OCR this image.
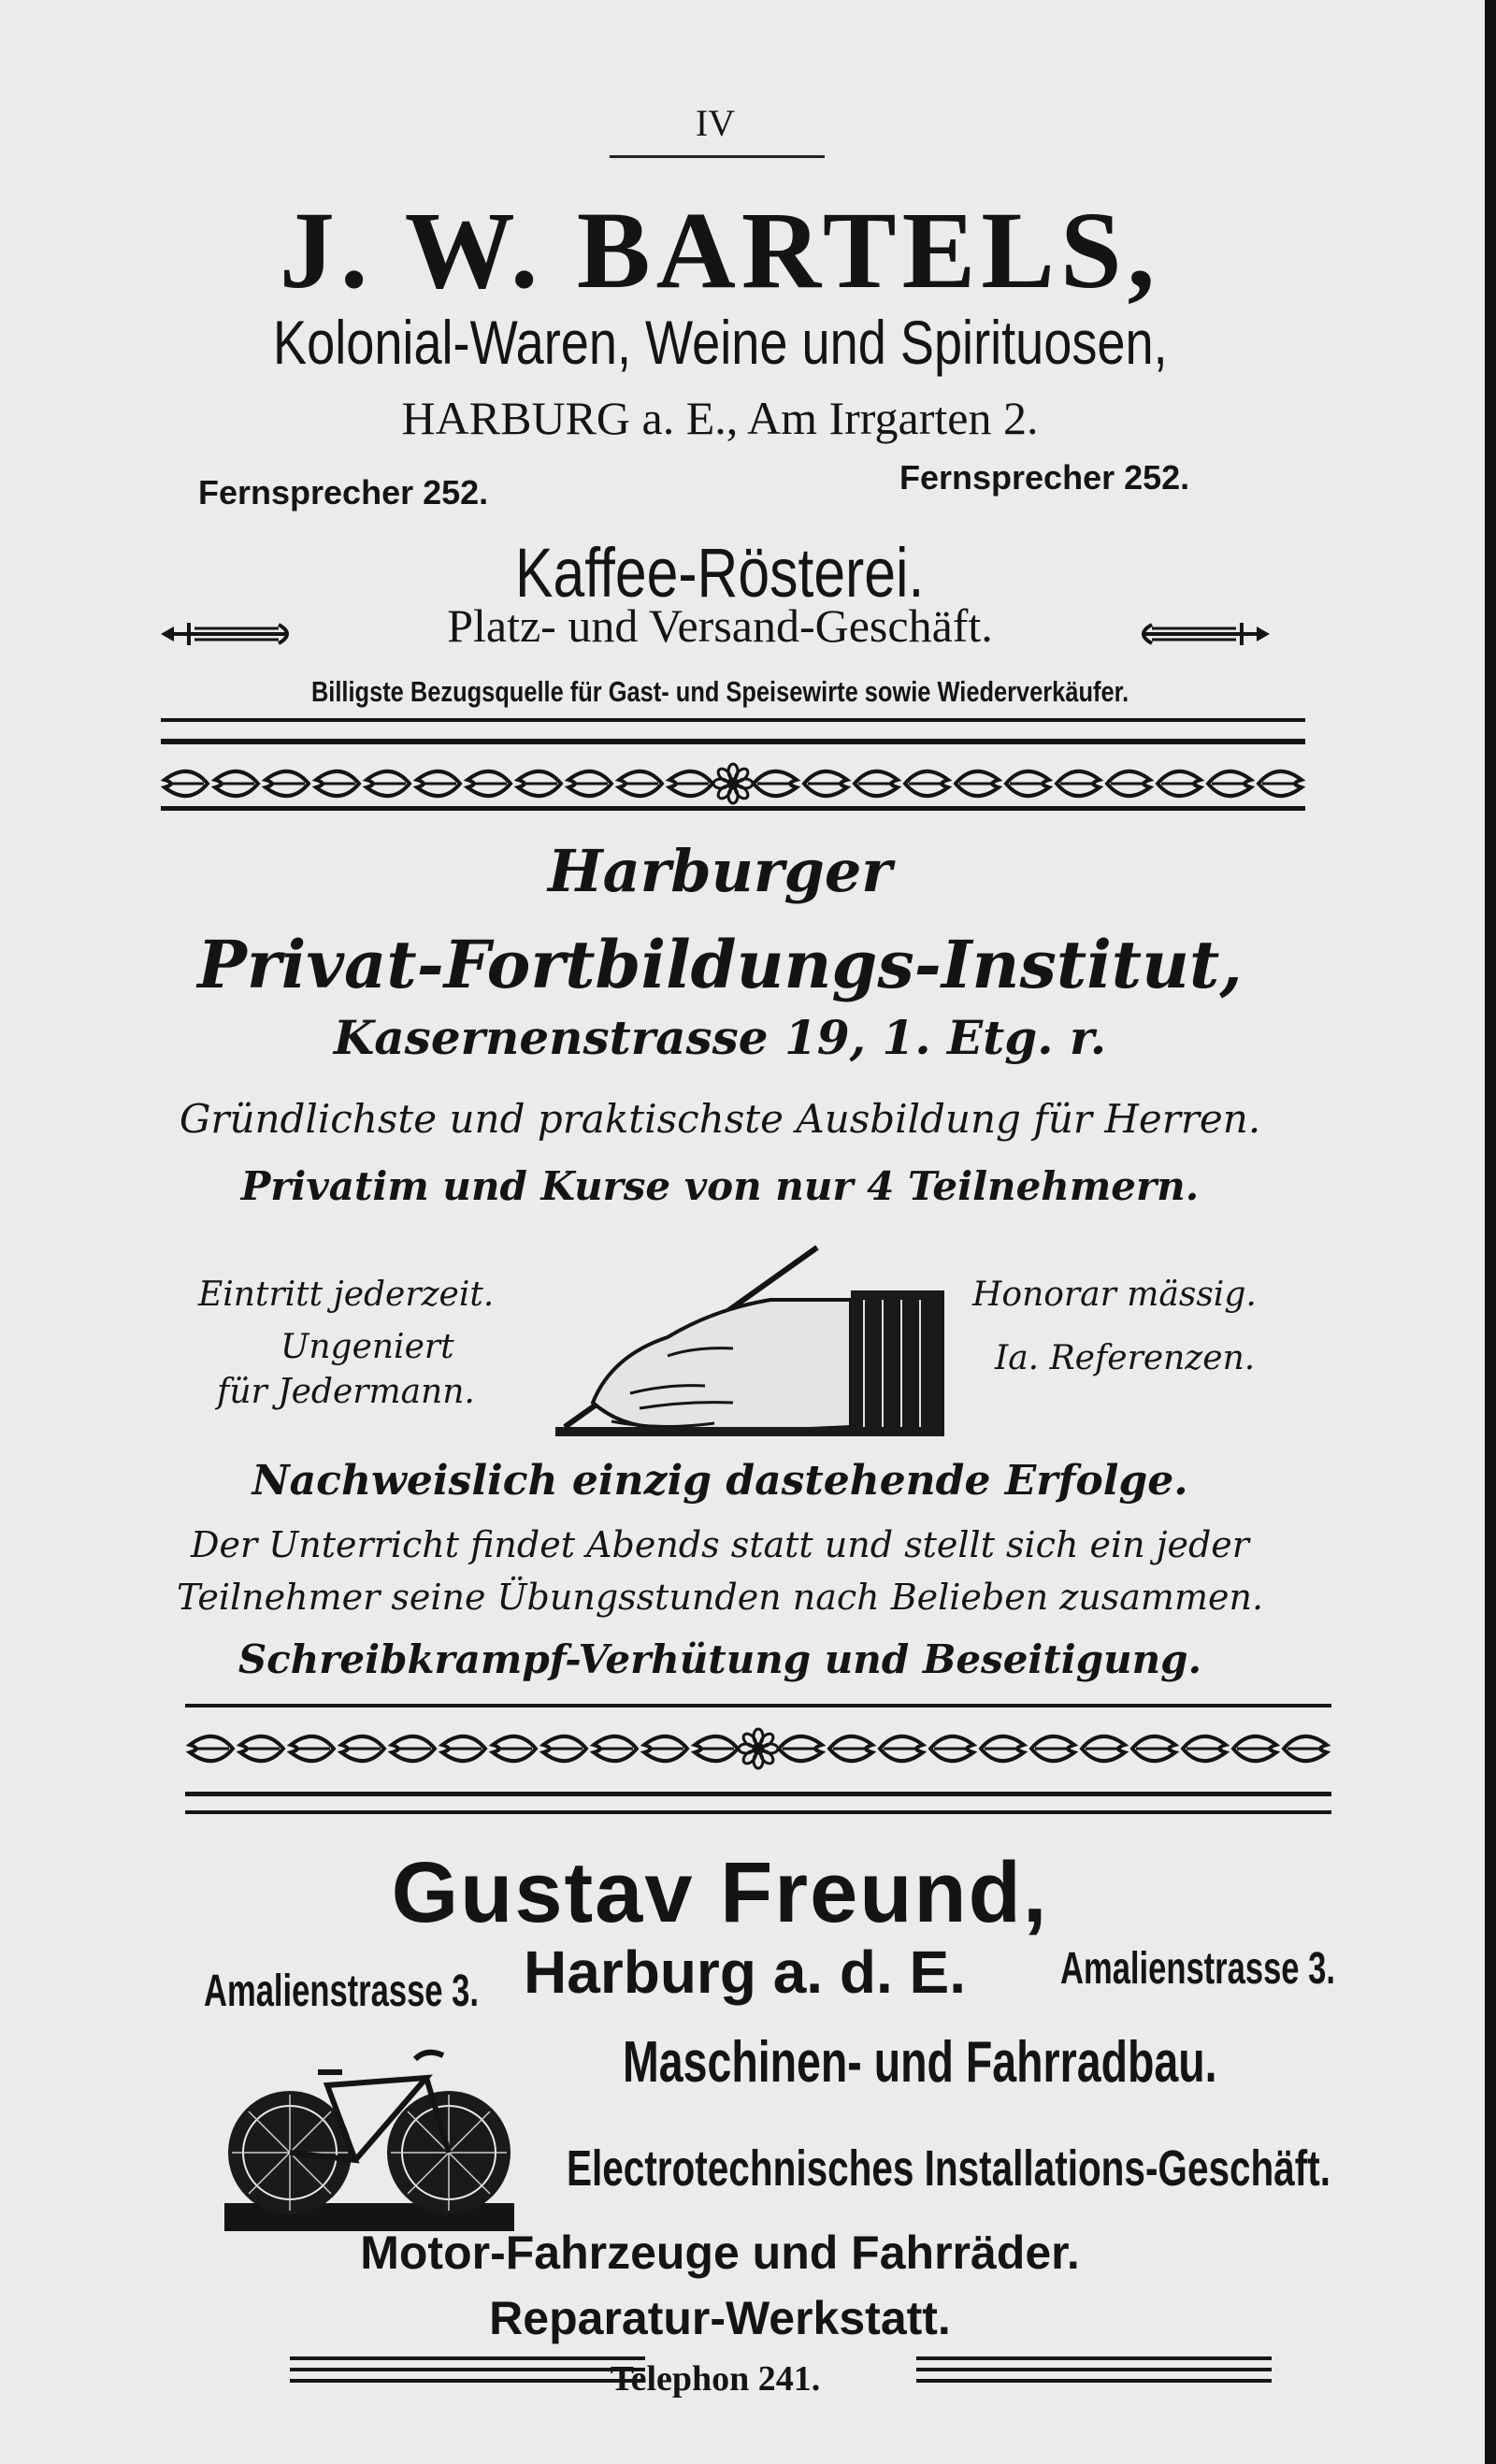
IV
J. W. BARTELS,
Kolonial-Waren, Weine und Spirituosen,
HARBURG a. E., Am Irrgarten 2.
Fernsprecher 252.	Fernsprecher 252.
Kaffee-Rösterei.
Platz- und Versand-Geschäft.
Billigste Bezugsquelle für Gast- und Speisewirte sowie Wiederverkäufer.
Harburger
Privat-Fortbildungs-Institut,
Kasernenstrasse 19, 1. Etg. r.
Gründlichste und praktischste Ausbildung für Herren.
Privatim und Kurse von nur 4 Teilnehmern.
Eintritt jederzeit.
Ungeniert
für Jedermann.
Honorar mässig.
Ia. Referenzen.
Nachweislich einzig dastehende Erfolge.
Der Unterricht findet Abends statt und stellt sich ein jeder
Teilnehmer seine Übungsstunden nach Belieben zusammen.
Schreibkrampf-Verhütung und Beseitigung.
Gustav Freund,
Amalienstrasse 3. Harburg a. d. E. Amalienstrasse 3.
Maschinen- und Fahrradbau.
Electrotechnisches Installations-Geschäft.
Motor-Fahrzeuge und Fahrräder.
Reparatur-Werkstatt.
Telephon 241.
